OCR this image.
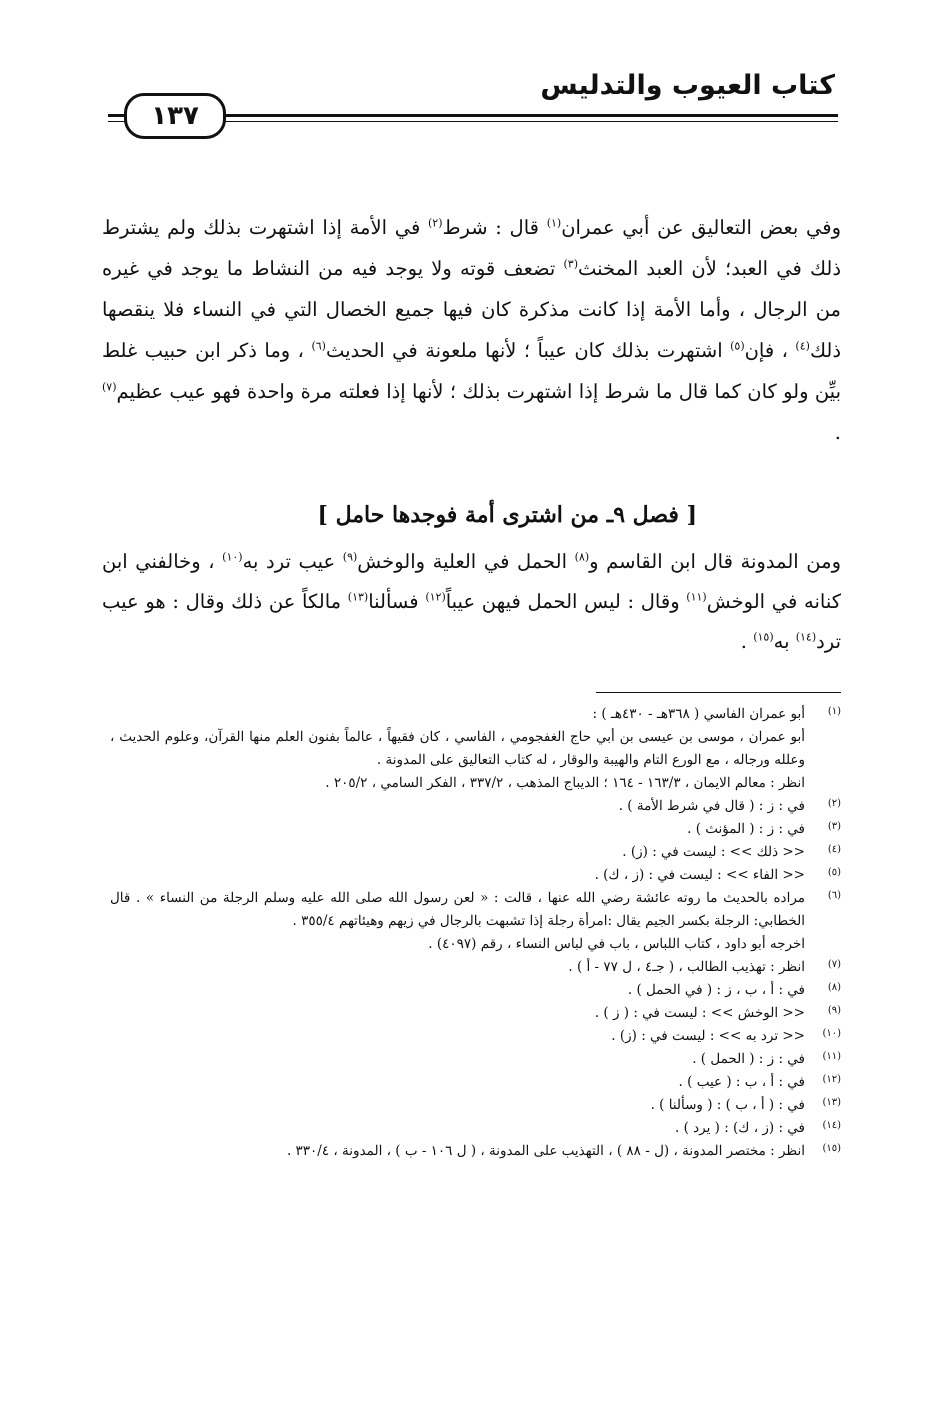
كتاب العيوب والتدليس
١٣٧
وفي بعض التعاليق عن أبي عمران$^{(١)}$ قال : شرط$^{(٢)}$ في الأمة إذا اشتهرت بذلك ولم يشترط ذلك في العبد؛ لأن العبد المخنث$^{(٣)}$ تضعف قوته ولا يوجد فيه من النشاط ما يوجد في غيره من الرجال ، وأما الأمة إذا كانت مذكرة كان فيها جميع الخصال التي في النساء فلا ينقصها ذلك$^{(٤)}$ ، فإن$^{(٥)}$ اشتهرت بذلك كان عيباً ؛ لأنها ملعونة في الحديث$^{(٦)}$ ، وما ذكر ابن حبيب غلط بيِّن ولو كان كما قال ما شرط إذا اشتهرت بذلك ؛ لأنها إذا فعلته مرة واحدة فهو عيب عظيم$^{(٧)}$ .
[ فصل ٩ـ من اشترى أمة فوجدها حامل ]
ومن المدونة قال ابن القاسم و$^{(٨)}$ الحمل في العلية والوخش$^{(٩)}$ عيب ترد به$^{(١٠)}$ ، وخالفني ابن كنانه في الوخش$^{(١١)}$ وقال : ليس الحمل فيهن عيباً$^{(١٢)}$ فسألنا$^{(١٣)}$ مالكاً عن ذلك وقال : هو عيب ترد$^{(١٤)}$ به$^{(١٥)}$ .
(١)
أبو عمران الفاسي ( ٣٦٨هـ - ٤٣٠هـ ) :
أبو عمران ، موسى بن عيسى بن أبي حاج الغفجومي ، الفاسي ، كان فقيهاً ، عالماً بفنون العلم منها القرآن، وعلوم الحديث ، وعلله ورجاله ، مع الورع التام والهيبة والوقار ، له كتاب التعاليق على المدونة .
انظر : معالم الايمان ، ١٦٣/٣ - ١٦٤ ؛ الديباج المذهب ، ٣٣٧/٢ ، الفكر السامي ، ٢٠٥/٢ .
(٢)
في : ز : ( قال في شرط الأمة ) .
(٣)
في : ز : ( المؤنث ) .
(٤)
<< ذلك >> : ليست في : (ز) .
(٥)
<< الفاء >> : ليست في : (ز ، ك) .
(٦)
مراده بالحديث ما روته عائشة رضي الله عنها ، قالت : « لعن رسول الله صلى الله عليه وسلم الرجلة من النساء » . قال الخطابي: الرجلة بكسر الجيم يقال :امرأة رجلة إذا تشبهت بالرجال في زيهم وهيئاتهم ٣٥٥/٤ .
اخرجه أبو داود ، كتاب اللباس ، باب في لباس النساء ، رقم (٤٠٩٧) .
(٧)
انظر : تهذيب الطالب ، ( جـ٤ ، ل ٧٧ - أ ) .
(٨)
في : أ ، ب ، ز : ( في الحمل ) .
(٩)
<< الوخش >> : ليست في : ( ز ) .
(١٠)
<< ترد به >> : ليست في : (ز) .
(١١)
في : ز : ( الحمل ) .
(١٢)
في : أ ، ب : ( عيب ) .
(١٣)
في : ( أ ، ب ) : ( وسألنا ) .
(١٤)
في : (ز ، ك) : ( يرد ) .
(١٥)
انظر : مختصر المدونة ، (ل - ٨٨ ) ، التهذيب على المدونة ، ( ل ١٠٦ - ب ) ، المدونة ، ٣٣٠/٤ .
